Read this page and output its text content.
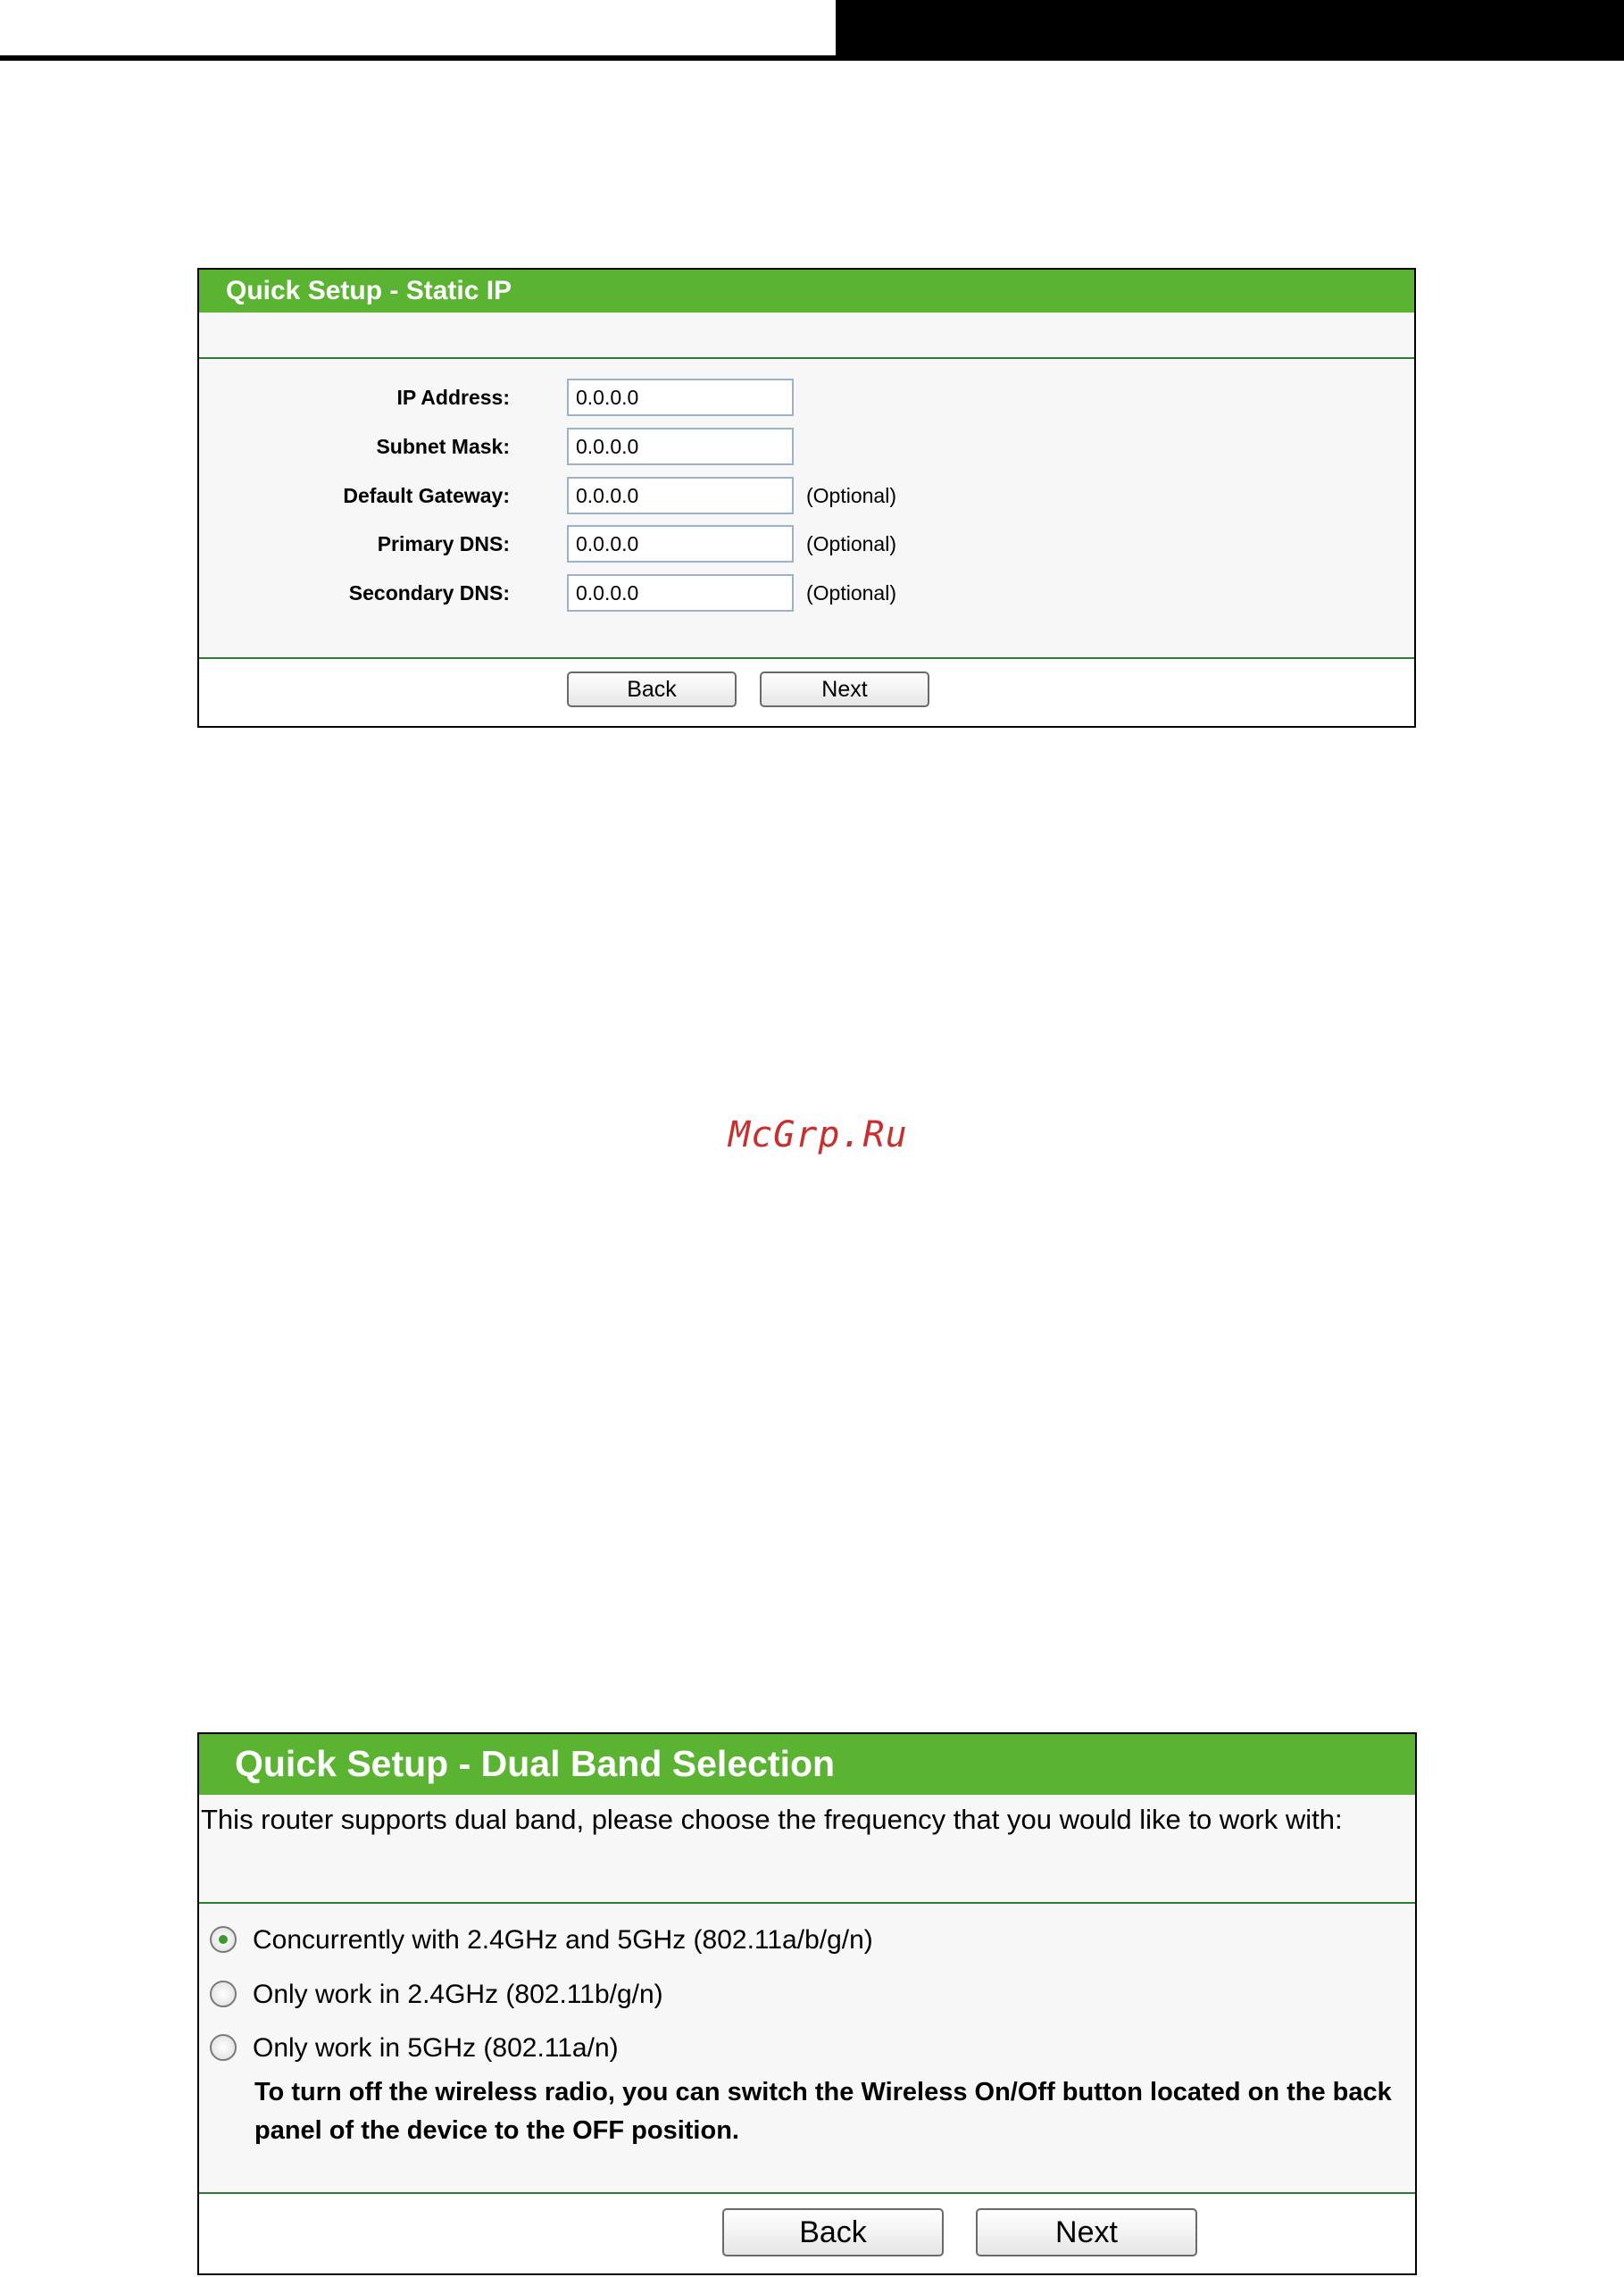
Quick Setup - Static IP
IP Address:
0.0.0.0
Subnet Mask:
0.0.0.0
Default Gateway:
0.0.0.0	(Optional)
Primary DNS:
0.0.0.0	(Optional)
Secondary DNS:
0.0.0.0	(Optional)
Back	Next
McGrp.Ru
Quick Setup - Dual Band Selection
This router supports dual band, please choose the frequency that you would like to work with:
Concurrently with 2.4GHz and 5GHz (802.11a/b/g/n)
Only work in 2.4GHz (802.11b/g/n)
Only work in 5GHz (802.11a/n)
To turn off the wireless radio, you can switch the Wireless On/Off button located on the back panel of the device to the OFF position.
Back	Next
